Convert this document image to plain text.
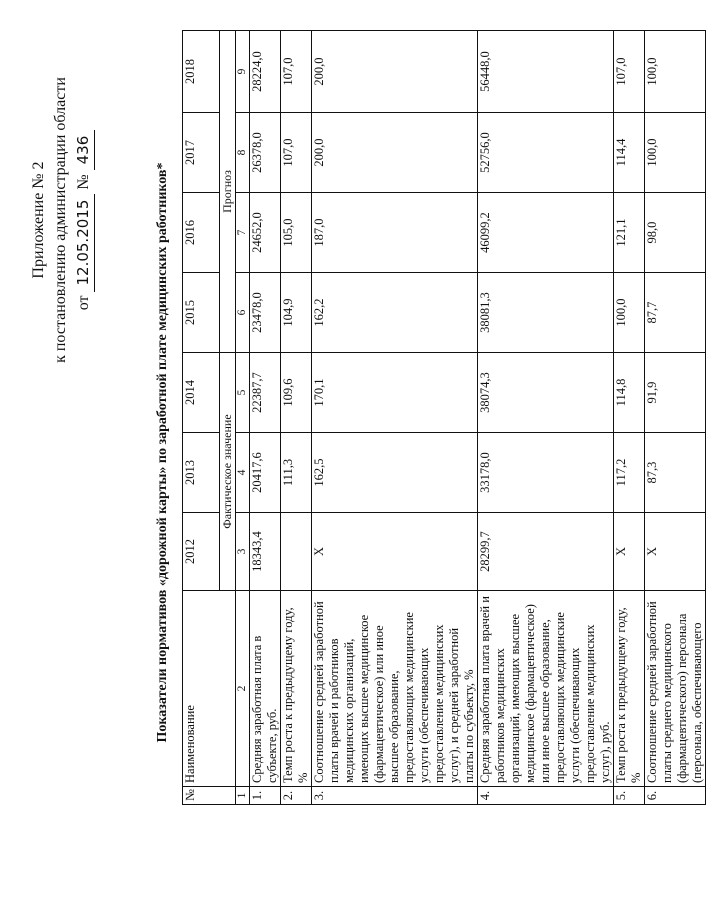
Приложение № 2 к постановлению администрации области от 12.05.2015 № 436
Показатели нормативов «дорожной карты» по заработной плате медицинских работников*
№	Наименование	2012	2013	2014	2015	2016	2017	2018
		Фактическое значение			Прогноз			
1	2	3	4	5	6	7	8	9
1.	Средняя заработная плата в субъекте, руб.	18343,4	20417,6	22387,7	23478,0	24652,0	26378,0	28224,0
2.	Темп роста к предыдущему году, %		111,3	109,6	104,9	105,0	107,0	107,0
3.	Соотношение средней заработной платы врачей и работников медицинских организаций, имеющих высшее медицинское (фармацевтическое) или иное высшее образование, предоставляющих медицинские услуги (обеспечивающих предоставление медицинских услуг), и средней заработной платы по субъекту, %	Х	162,5	170,1	162,2	187,0	200,0	200,0
4.	Средняя заработная плата врачей и работников медицинских организаций, имеющих высшее медицинское (фармацевтическое) или иное высшее образование, предоставляющих медицинские услуги (обеспечивающих предоставление медицинских услуг), руб.	28299,7	33178,0	38074,3	38081,3	46099,2	52756,0	56448,0
5.	Темп роста к предыдущему году, %	Х	117,2	114,8	100,0	121,1	114,4	107,0
6.	Соотношение средней заработной платы среднего медицинского (фармацевтического) персонала (персонала, обеспечивающего	Х	87,3	91,9	87,7	98,0	100,0	100,0
